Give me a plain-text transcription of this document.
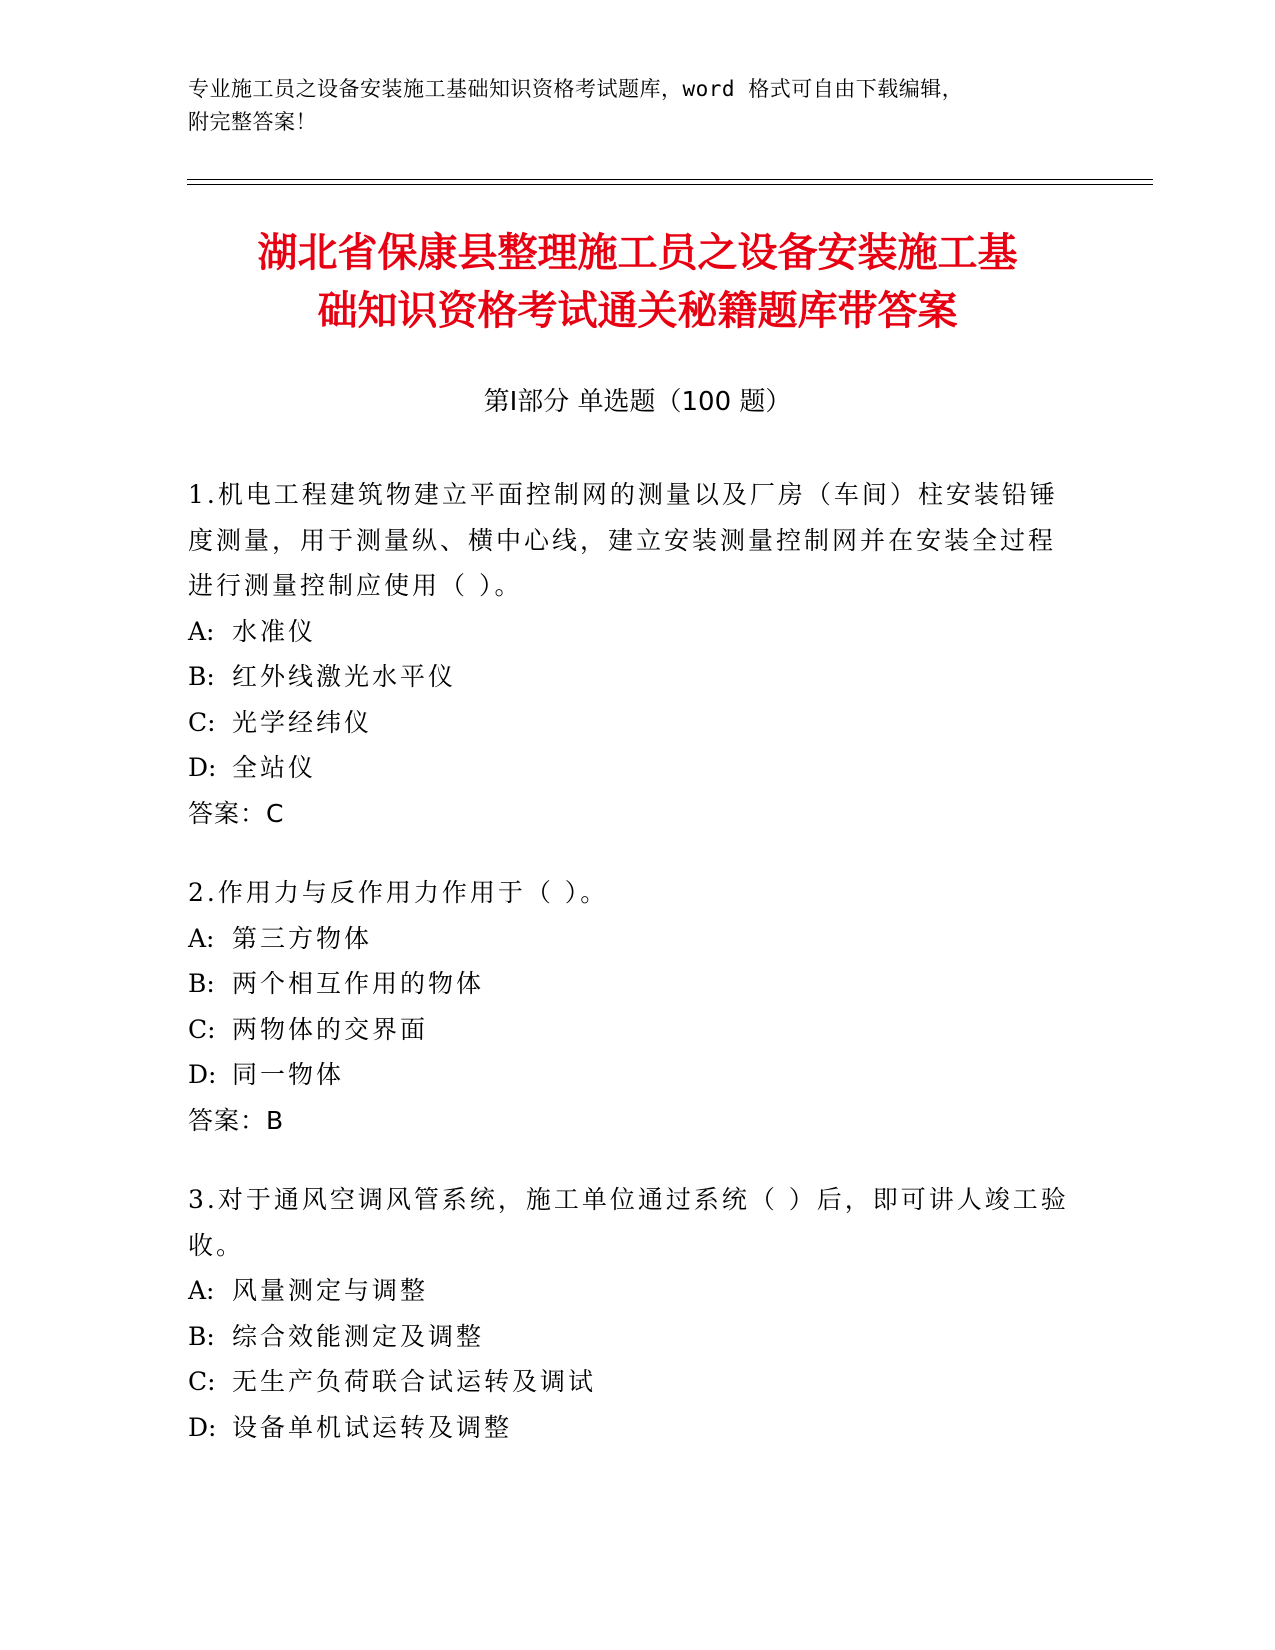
专业施工员之设备安装施工基础知识资格考试题库，word 格式可自由下载编辑，
附完整答案！
湖北省保康县整理施工员之设备安装施工基
础知识资格考试通关秘籍题库带答案
第Ⅰ部分 单选题（100 题）
1.机电工程建筑物建立平面控制网的测量以及厂房（车间）柱安装铅锤度测量，用于测量纵、横中心线，建立安装测量控制网并在安装全过程进行测量控制应使用（ ）。
A: 水准仪
B: 红外线激光水平仪
C: 光学经纬仪
D: 全站仪
答案：C
2.作用力与反作用力作用于（ ）。
A: 第三方物体
B: 两个相互作用的物体
C: 两物体的交界面
D: 同一物体
答案：B
3.对于通风空调风管系统，施工单位通过系统（ ）后，即可讲人竣工验收。
A: 风量测定与调整
B: 综合效能测定及调整
C: 无生产负荷联合试运转及调试
D: 设备单机试运转及调整
